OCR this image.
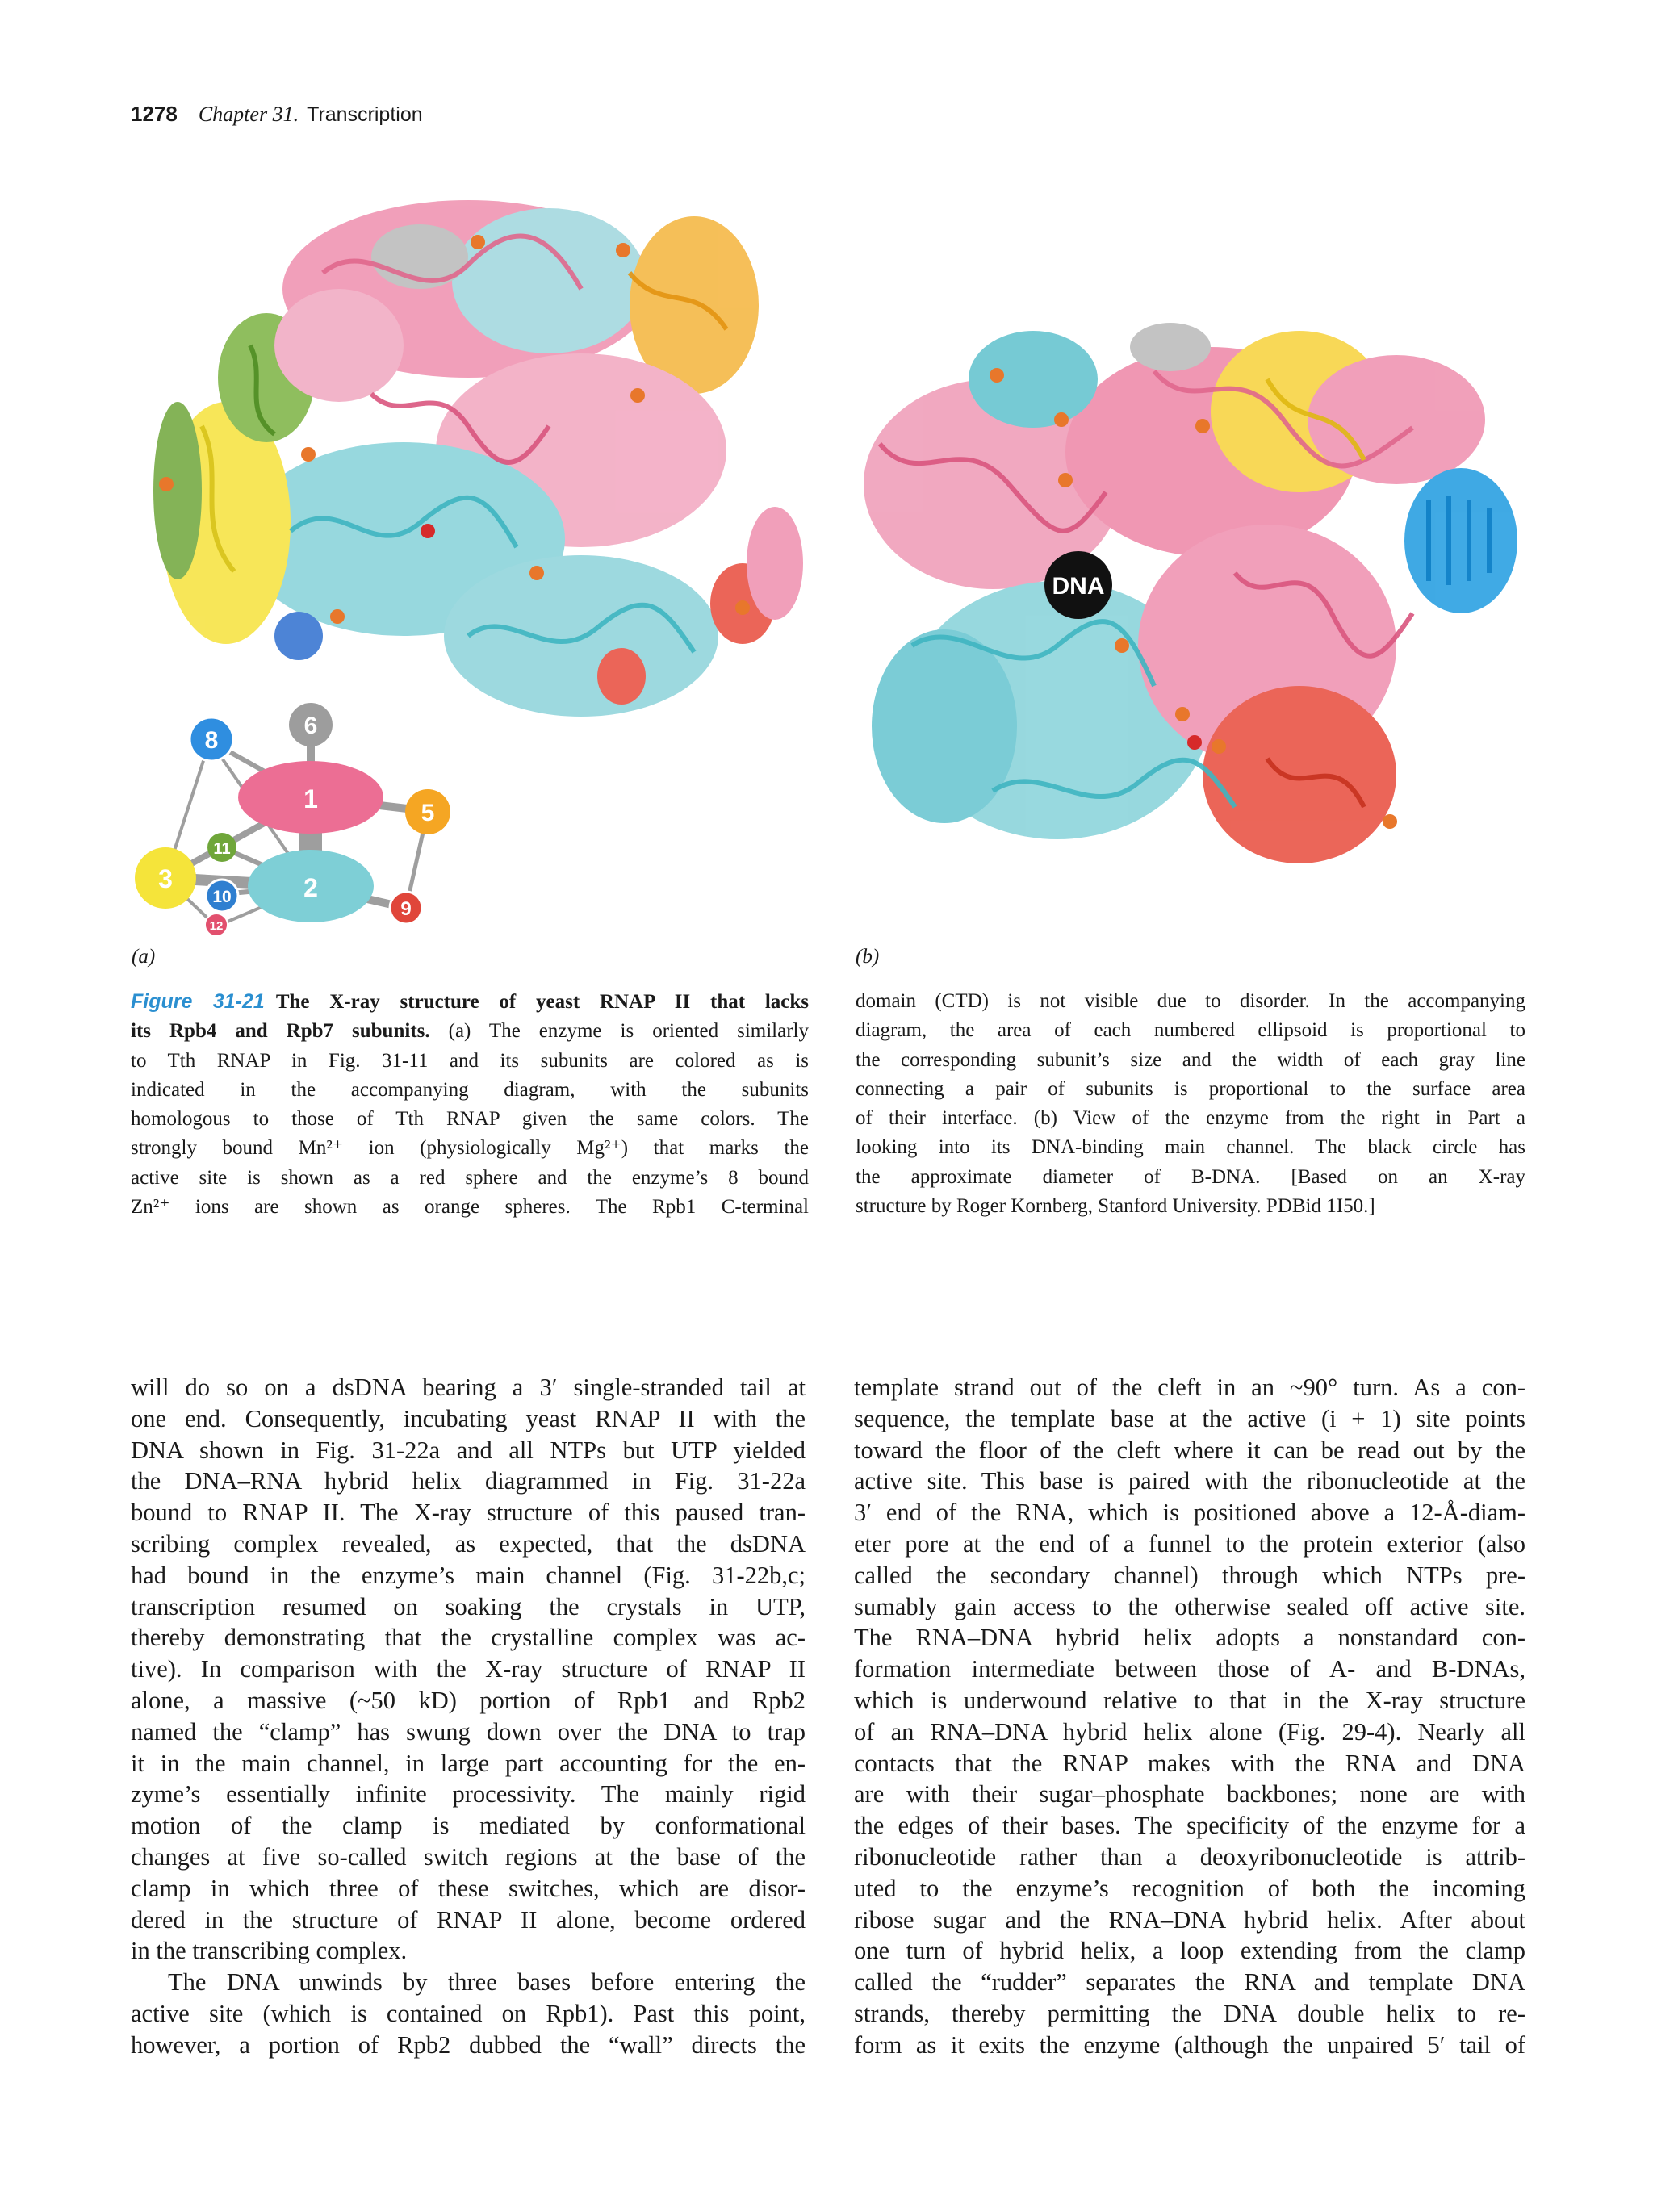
1278 Chapter 31. Transcription
6
8
1	5
2
3
11
10
12
9
DNA
(a)	(b)
Figure 31-21 The X-ray structure of yeast RNAP II that lacks
its Rpb4 and Rpb7 subunits. (a) The enzyme is oriented similarly
to Tth RNAP in Fig. 31-11 and its subunits are colored as is
indicated in the accompanying diagram, with the subunits
homologous to those of Tth RNAP given the same colors. The
strongly bound Mn²⁺ ion (physiologically Mg²⁺) that marks the
active site is shown as a red sphere and the enzyme’s 8 bound
Zn²⁺ ions are shown as orange spheres. The Rpb1 C-terminal
domain (CTD) is not visible due to disorder. In the accompanying
diagram, the area of each numbered ellipsoid is proportional to
the corresponding subunit’s size and the width of each gray line
connecting a pair of subunits is proportional to the surface area
of their interface. (b) View of the enzyme from the right in Part a
looking into its DNA-binding main channel. The black circle has
the approximate diameter of B-DNA. [Based on an X-ray
structure by Roger Kornberg, Stanford University. PDBid 1I50.]
will do so on a dsDNA bearing a 3′ single-stranded tail at
one end. Consequently, incubating yeast RNAP II with the
DNA shown in Fig. 31-22a and all NTPs but UTP yielded
the DNA–RNA hybrid helix diagrammed in Fig. 31-22a
bound to RNAP II. The X-ray structure of this paused tran-
scribing complex revealed, as expected, that the dsDNA
had bound in the enzyme’s main channel (Fig. 31-22b,c;
transcription resumed on soaking the crystals in UTP,
thereby demonstrating that the crystalline complex was ac-
tive). In comparison with the X-ray structure of RNAP II
alone, a massive (~50 kD) portion of Rpb1 and Rpb2
named the “clamp” has swung down over the DNA to trap
it in the main channel, in large part accounting for the en-
zyme’s essentially infinite processivity. The mainly rigid
motion of the clamp is mediated by conformational
changes at five so-called switch regions at the base of the
clamp in which three of these switches, which are disor-
dered in the structure of RNAP II alone, become ordered
in the transcribing complex.
The DNA unwinds by three bases before entering the
active site (which is contained on Rpb1). Past this point,
however, a portion of Rpb2 dubbed the “wall” directs the
template strand out of the cleft in an ~90° turn. As a con-
sequence, the template base at the active (i + 1) site points
toward the floor of the cleft where it can be read out by the
active site. This base is paired with the ribonucleotide at the
3′ end of the RNA, which is positioned above a 12-Å-diam-
eter pore at the end of a funnel to the protein exterior (also
called the secondary channel) through which NTPs pre-
sumably gain access to the otherwise sealed off active site.
The RNA–DNA hybrid helix adopts a nonstandard con-
formation intermediate between those of A- and B-DNAs,
which is underwound relative to that in the X-ray structure
of an RNA–DNA hybrid helix alone (Fig. 29-4). Nearly all
contacts that the RNAP makes with the RNA and DNA
are with their sugar–phosphate backbones; none are with
the edges of their bases. The specificity of the enzyme for a
ribonucleotide rather than a deoxyribonucleotide is attrib-
uted to the enzyme’s recognition of both the incoming
ribose sugar and the RNA–DNA hybrid helix. After about
one turn of hybrid helix, a loop extending from the clamp
called the “rudder” separates the RNA and template DNA
strands, thereby permitting the DNA double helix to re-
form as it exits the enzyme (although the unpaired 5′ tail of
